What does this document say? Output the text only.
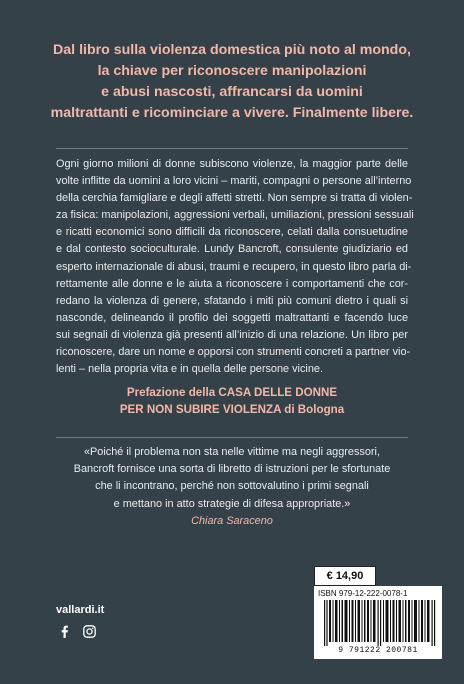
Dal libro sulla violenza domestica più noto al mondo,
la chiave per riconoscere manipolazioni
e abusi nascosti, affrancarsi da uomini
maltrattanti e ricominciare a vivere. Finalmente libere.
Ogni giorno milioni di donne subiscono violenze, la maggior parte delle
volte inflitte da uomini a loro vicini – mariti, compagni o persone all’interno
della cerchia famigliare e degli affetti stretti. Non sempre si tratta di violen-
za fisica: manipolazioni, aggressioni verbali, umiliazioni, pressioni sessuali
e ricatti economici sono difficili da riconoscere, celati dalla consuetudine
e dal contesto socioculturale. Lundy Bancroft, consulente giudiziario ed
esperto internazionale di abusi, traumi e recupero, in questo libro parla di-
rettamente alle donne e le aiuta a riconoscere i comportamenti che cor-
redano la violenza di genere, sfatando i miti più comuni dietro i quali si
nasconde, delineando il profilo dei soggetti maltrattanti e facendo luce
sui segnali di violenza già presenti all’inizio di una relazione. Un libro per
riconoscere, dare un nome e opporsi con strumenti concreti a partner vio-
lenti – nella propria vita e in quella delle persone vicine.
Prefazione della CASA DELLE DONNE
PER NON SUBIRE VIOLENZA di Bologna
«Poiché il problema non sta nelle vittime ma negli aggressori,
Bancroft fornisce una sorta di libretto di istruzioni per le sfortunate
che li incontrano, perché non sottovalutino i primi segnali
e mettano in atto strategie di difesa appropriate.»
Chiara Saraceno
vallardi.it
€ 14,90
ISBN 979-12-222-0078-1
9 791222 200781
